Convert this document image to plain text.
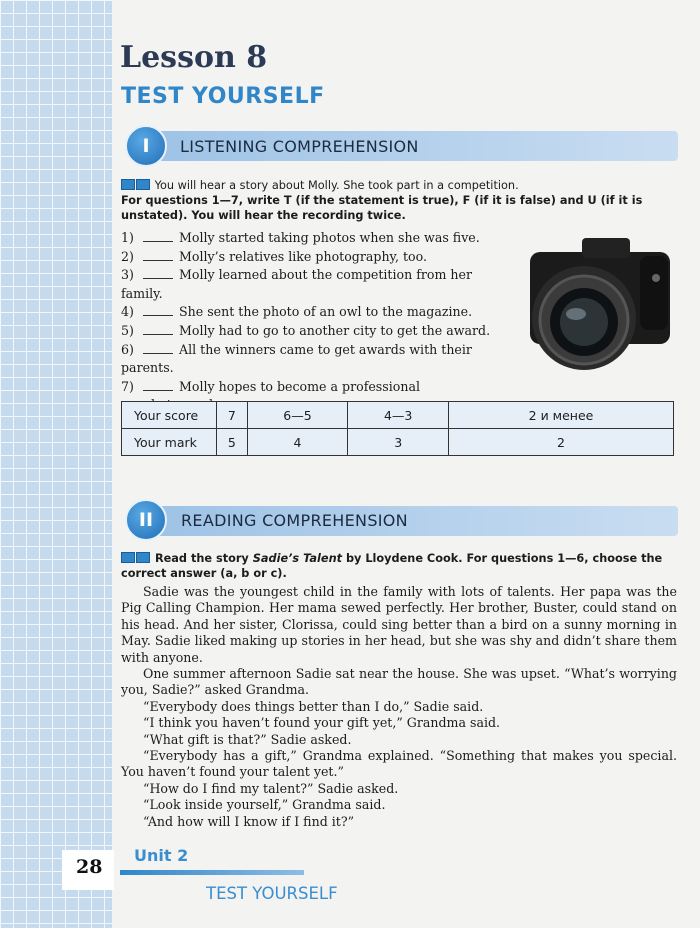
Lesson 8
TEST YOURSELF
I	LISTENING COMPREHENSION
You will hear a story about Molly. She took part in a competition.
For questions 1—7, write T (if the statement is true), F (if it is false) and U (if it is unstated). You will hear the recording twice.
1)	Molly started taking photos when she was five.
2)	Molly’s relatives like photography, too.
3)	Molly learned about the competition from her
family.
4)	She sent the photo of an owl to the magazine.
5)	Molly had to go to another city to get the award.
6)	All the winners came to get awards with their
parents.
7)	Molly hopes to become a professional
Your score	7	6—5	4—3	2 и менее
Your mark	5	4	3	2
II	READING COMPREHENSION
Read the story Sadie’s Talent by Lloydene Cook. For questions 1—6, choose the correct answer (a, b or c).

Sadie was the youngest child in the family with lots of talents. Her papa was the Pig Calling Champion. Her mama sewed perfectly. Her brother, Buster, could stand on his head. And her sister, Clorissa, could sing better than a bird on a sunny morning in May. Sadie liked making up stories in her head, but she was shy and didn’t share them with anyone.

One summer afternoon Sadie sat near the house. She was upset. “What’s worrying you, Sadie?” asked Grandma.

“Everybody does things better than I do,” Sadie said.

“I think you haven’t found your gift yet,” Grandma said.

“What gift is that?” Sadie asked.

“Everybody has a gift,” Grandma explained. “Something that makes you special. You haven’t found your talent yet.”

“How do I find my talent?” Sadie asked.

“Look inside yourself,” Grandma said.

“And how will I know if I find it?”

28
Unit 2
TEST YOURSELF
